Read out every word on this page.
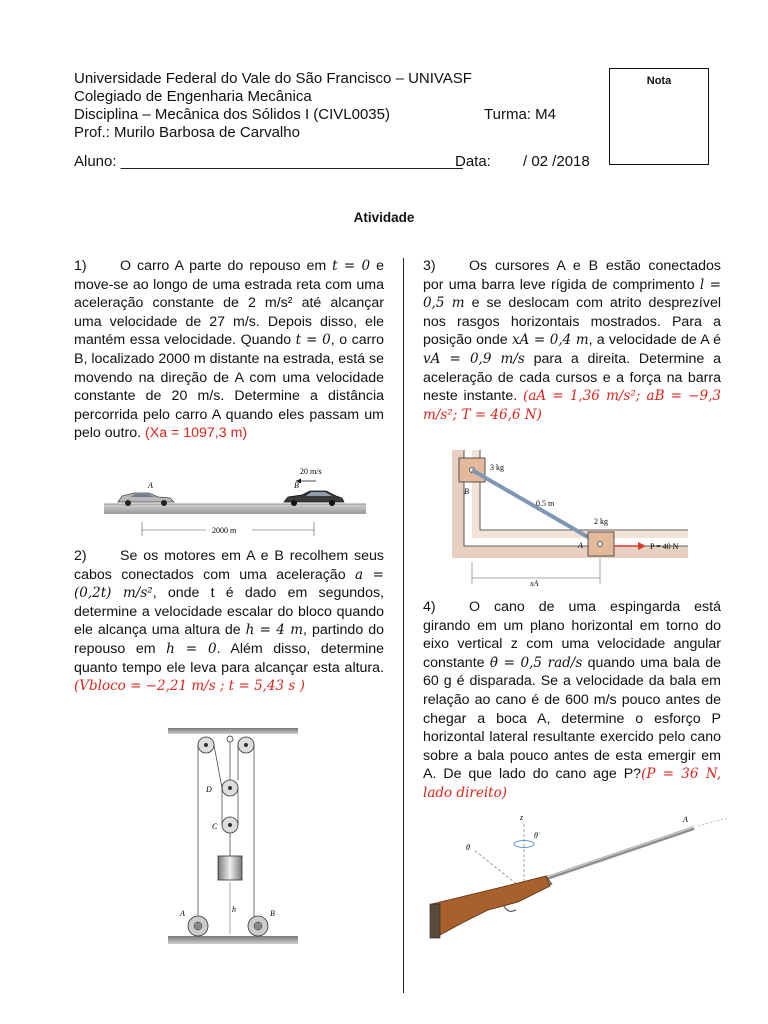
Universidade Federal do Vale do São Francisco – UNIVASF
Colegiado de Engenharia Mecânica
Disciplina – Mecânica dos Sólidos I (CIVL0035)	Turma: M4
Prof.: Murilo Barbosa de Carvalho
Aluno: _________________________________________
Data: / 02 /2018
Nota
Atividade

1) O carro A parte do repouso em t = 0 e move-se ao longo de uma estrada reta com uma aceleração constante de 2 m/s² até alcançar uma velocidade de 27 m/s. Depois disso, ele mantém essa velocidade. Quando t = 0, o carro B, localizado 2000 m distante na estrada, está se movendo na direção de A com uma velocidade constante de 20 m/s. Determine a distância percorrida pelo carro A quando eles passam um pelo outro. (Xa = 1097,3 m)

A	B
20 m/s
2000 m

2) Se os motores em A e B recolhem seus cabos conectados com uma aceleração a = (0,2t) m/s², onde t é dado em segundos, determine a velocidade escalar do bloco quando ele alcança uma altura de h = 4 m, partindo do repouso em h = 0. Além disso, determine quanto tempo ele leva para alcançar esta altura. (Vbloco = −2,21 m/s ; t = 5,43 s )

D
C
h
A	B

3) Os cursores A e B estão conectados por uma barra leve rígida de comprimento l = 0,5 m e se deslocam com atrito desprezível nos rasgos horizontais mostrados. Para a posição onde xA = 0,4 m, a velocidade de A é vA = 0,9 m/s para a direita. Determine a aceleração de cada cursos e a força na barra neste instante. (aA = 1,36 m/s²; aB = −9,3 m/s²; T = 46,6 N)

P = 40 N
3 kg
2 kg
0.5 m
B
A
xA

4) O cano de uma espingarda está girando em um plano horizontal em torno do eixo vertical z com uma velocidade angular constante θ̇ = 0,5 rad/s quando uma bala de 60 g é disparada. Se a velocidade da bala em relação ao cano é de 600 m/s pouco antes de chegar a boca A, determine o esforço P horizontal lateral resultante exercido pelo cano sobre a bala pouco antes de esta emergir em A. De que lado do cano age P?(P = 36 N, lado direito)

z
θ̇
θ
A
